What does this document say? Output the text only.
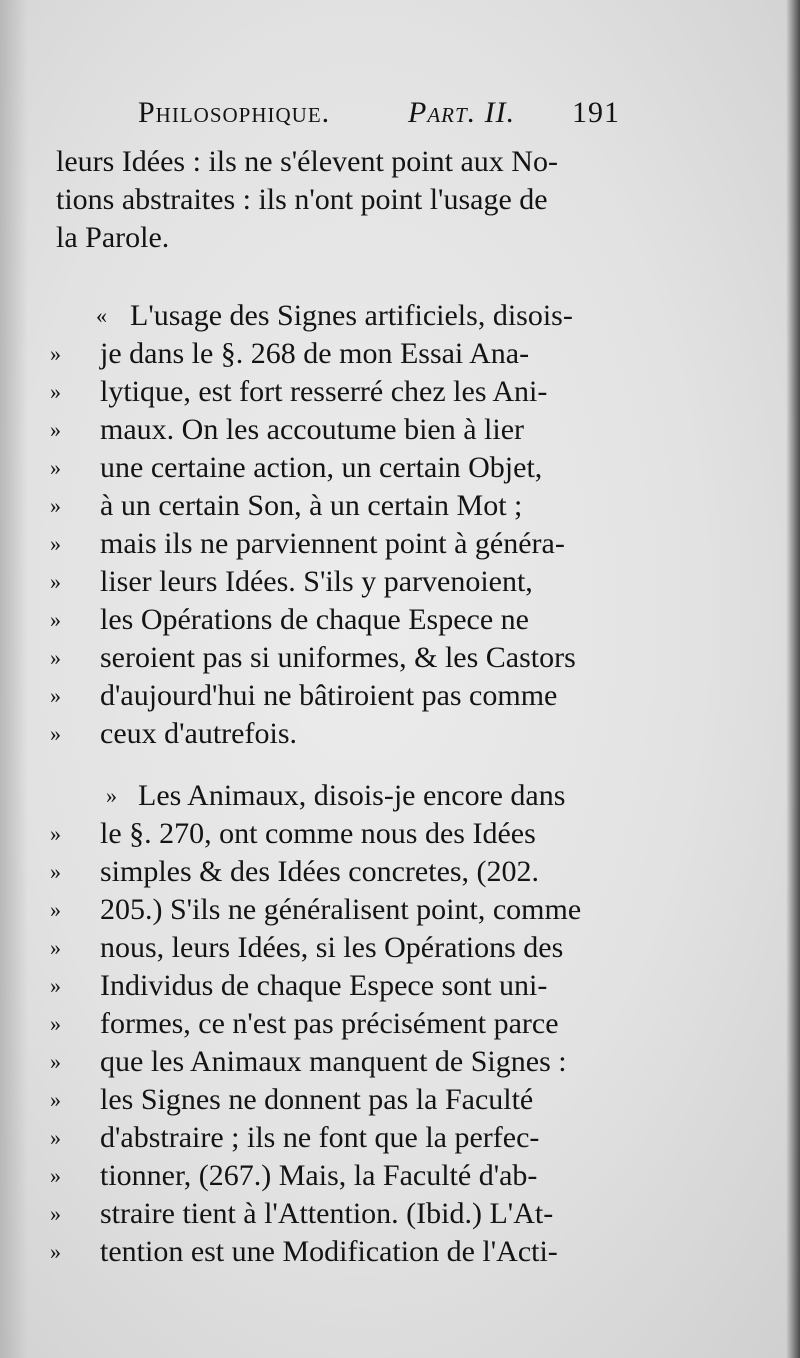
Philosophique.	Part. II. 191
leurs Idées : ils ne s'élevent point aux No-
tions abstraites : ils n'ont point l'usage de
la Parole.
« L'usage des Signes artificiels, disois-
»	je dans le §. 268 de mon Essai Ana-
»	lytique, est fort resserré chez les Ani-
»	maux. On les accoutume bien à lier
»	une certaine action, un certain Objet,
»	à un certain Son, à un certain Mot ;
»	mais ils ne parviennent point à généra-
»	liser leurs Idées. S'ils y parvenoient,
»	les Opérations de chaque Espece ne
»	seroient pas si uniformes, & les Castors
»	d'aujourd'hui ne bâtiroient pas comme
»	ceux d'autrefois.
» Les Animaux, disois-je encore dans
»	le §. 270, ont comme nous des Idées
»	simples & des Idées concretes, (202.
»	205.) S'ils ne généralisent point, comme
»	nous, leurs Idées, si les Opérations des
»	Individus de chaque Espece sont uni-
»	formes, ce n'est pas précisément parce
»	que les Animaux manquent de Signes :
»	les Signes ne donnent pas la Faculté
»	d'abstraire ; ils ne font que la perfec-
»	tionner, (267.) Mais, la Faculté d'ab-
»	straire tient à l'Attention. (Ibid.) L'At-
»	tention est une Modification de l'Acti-
